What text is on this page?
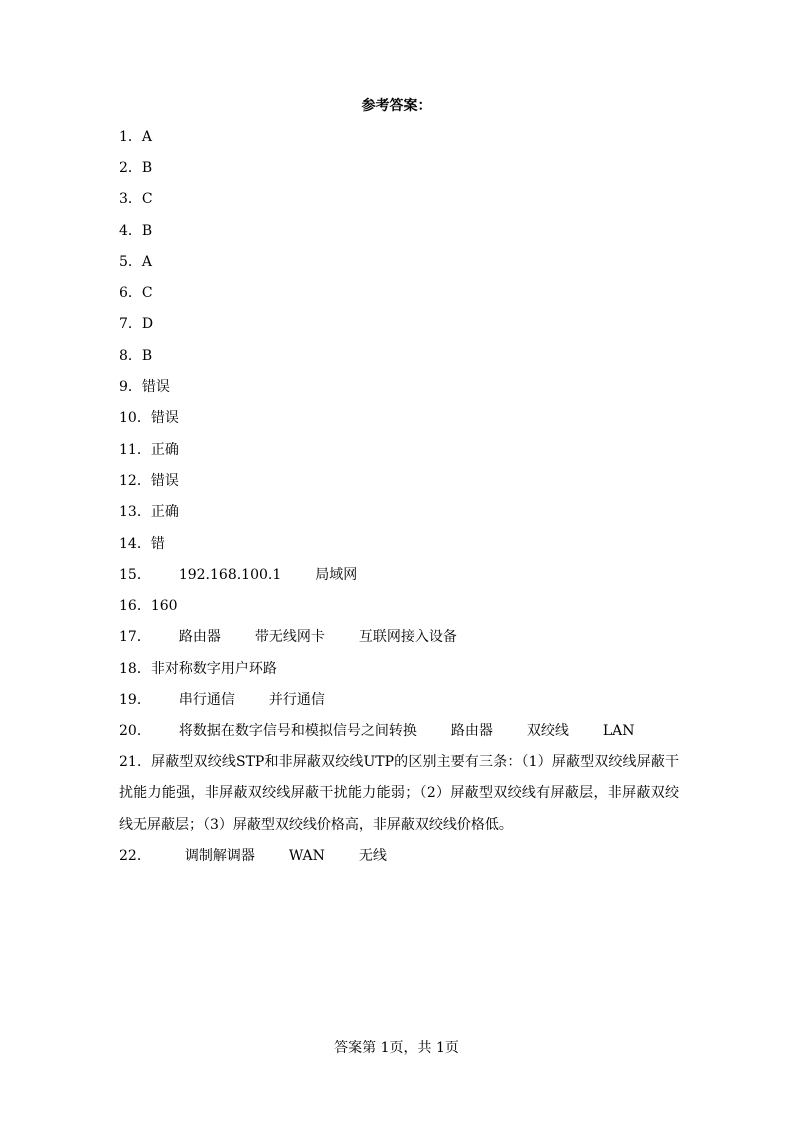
参考答案：
1． A
2． B
3． C
4． B
5． A
6． C
7． D
8． B
9． 错误
10． 错误
11． 正确
12． 错误
13． 正确
14． 错
15． 192.168.100.1 局域网
16． 160
17． 路由器 带无线网卡 互联网接入设备
18． 非对称数字用户环路
19． 串行通信 并行通信
20． 将数据在数字信号和模拟信号之间转换 路由器 双绞线 LAN
21．屏蔽型双绞线STP和非屏蔽双绞线UTP的区别主要有三条：（1）屏蔽型双绞线屏蔽干扰能力能强，非屏蔽双绞线屏蔽干扰能力能弱；（2）屏蔽型双绞线有屏蔽层，非屏蔽双绞线无屏蔽层；（3）屏蔽型双绞线价格高，非屏蔽双绞线价格低。
22． 调制解调器 WAN 无线
答案第 1页，共 1页
